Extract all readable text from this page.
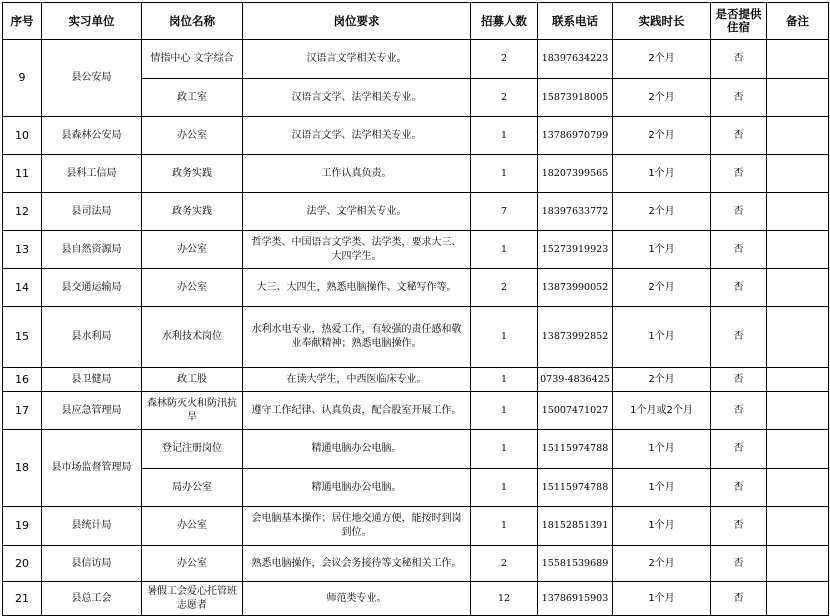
序号	实习单位	岗位名称	岗位要求	招募人数	联系电话	实践时长	是否提供住宿	备注
9	县公安局	情指中心 文字综合	汉语言文学相关专业。	2	18397634223	2个月	否	
		政工室	汉语言文学、法学相关专业。	2	15873918005	2个月	否	
10	县森林公安局	办公室	汉语言文学、法学相关专业。	1	13786970799	2个月	否	
11	县科工信局	政务实践	工作认真负责。	1	18207399565	1个月	否	
12	县司法局	政务实践	法学、文学相关专业。	7	18397633772	2个月	否	
13	县自然资源局	办公室	哲学类、中国语言文学类、法学类，要求大三、大四学生。	1	15273919923	1个月	否	
14	县交通运输局	办公室	大三、大四生，熟悉电脑操作、文秘写作等。	2	13873990052	2个月	否	
15	县水利局	水利技术岗位	水利水电专业，热爱工作，有较强的责任感和敬业奉献精神；熟悉电脑操作。	1	13873992852	1个月	否	
16	县卫健局	政工股	在读大学生，中西医临床专业。	1	0739-4836425	2个月	否	
17	县应急管理局	森林防灭火和防汛抗旱	遵守工作纪律、认真负责，配合股室开展工作。	1	15007471027	1个月或2个月	否	
18	县市场监督管理局	登记注册岗位	精通电脑办公电脑。	1	15115974788	1个月	否	
		局办公室	精通电脑办公电脑。	1	15115974788	1个月	否	
19	县统计局	办公室	会电脑基本操作；居住地交通方便，能按时到岗到位。	1	18152851391	1个月	否	
20	县信访局	办公室	熟悉电脑操作，会议会务接待等文秘相关工作。	2	15581539689	2个月	否	
21	县总工会	暑假工会爱心托管班志愿者	师范类专业。	12	13786915903	1个月	否	
